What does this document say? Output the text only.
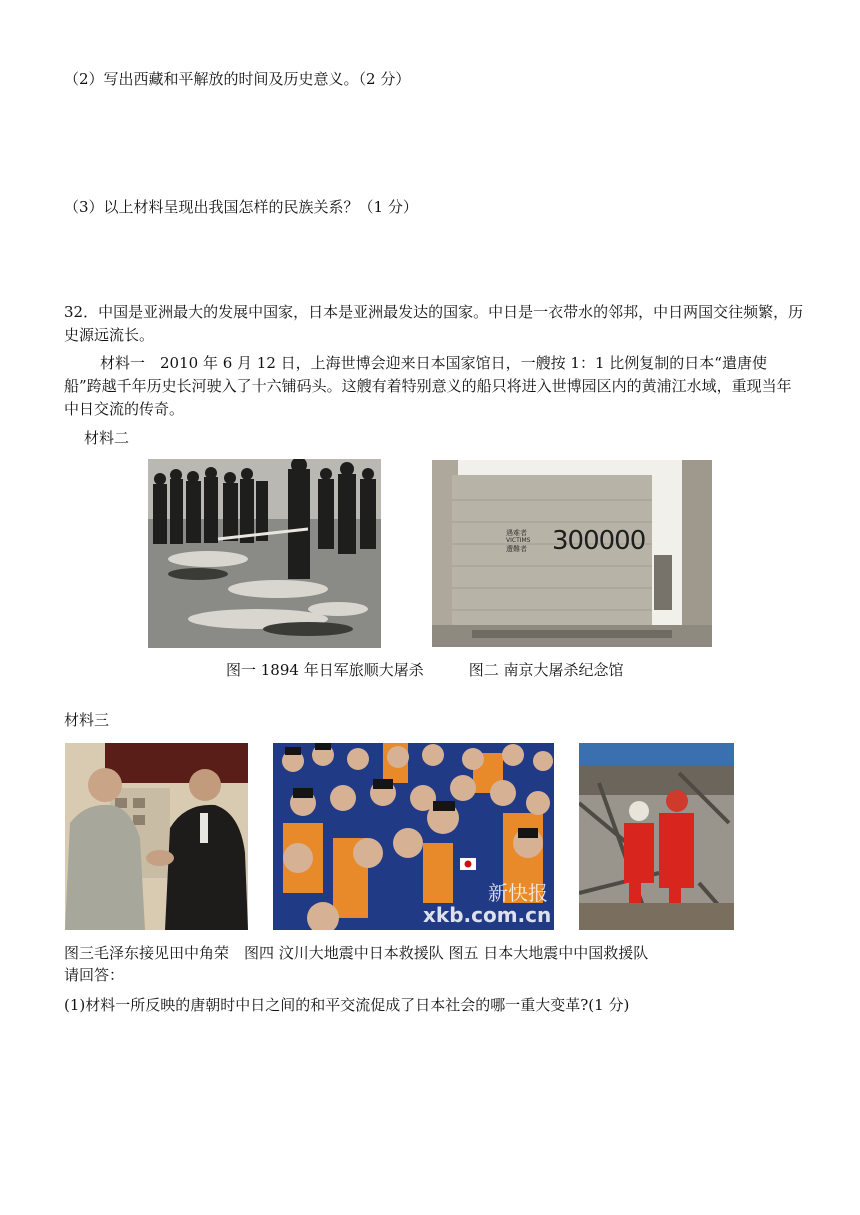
（2）写出西藏和平解放的时间及历史意义。（2 分）
（3）以上材料呈现出我国怎样的民族关系？（1 分）
32．中国是亚洲最大的发展中国家，日本是亚洲最发达的国家。中日是一衣带水的邻邦，中日两国交往频繁，历史源远流长。
材料一　2010 年 6 月 12 日，上海世博会迎来日本国家馆日，一艘按 1：1 比例复制的日本“遣唐使船”跨越千年历史长河驶入了十六铺码头。这艘有着特别意义的船只将进入世博园区内的黄浦江水域，重现当年中日交流的传奇。
材料二
遇难者
VICTIMS
遭難者 300000
图一 1894 年日军旅顺大屠杀　　　图二 南京大屠杀纪念馆
材料三
新快报
xkb.com.cn
图三毛泽东接见田中角荣　图四 汶川大地震中日本救援队 图五 日本大地震中中国救援队
请回答：
(1)材料一所反映的唐朝时中日之间的和平交流促成了日本社会的哪一重大变革?(1 分)
